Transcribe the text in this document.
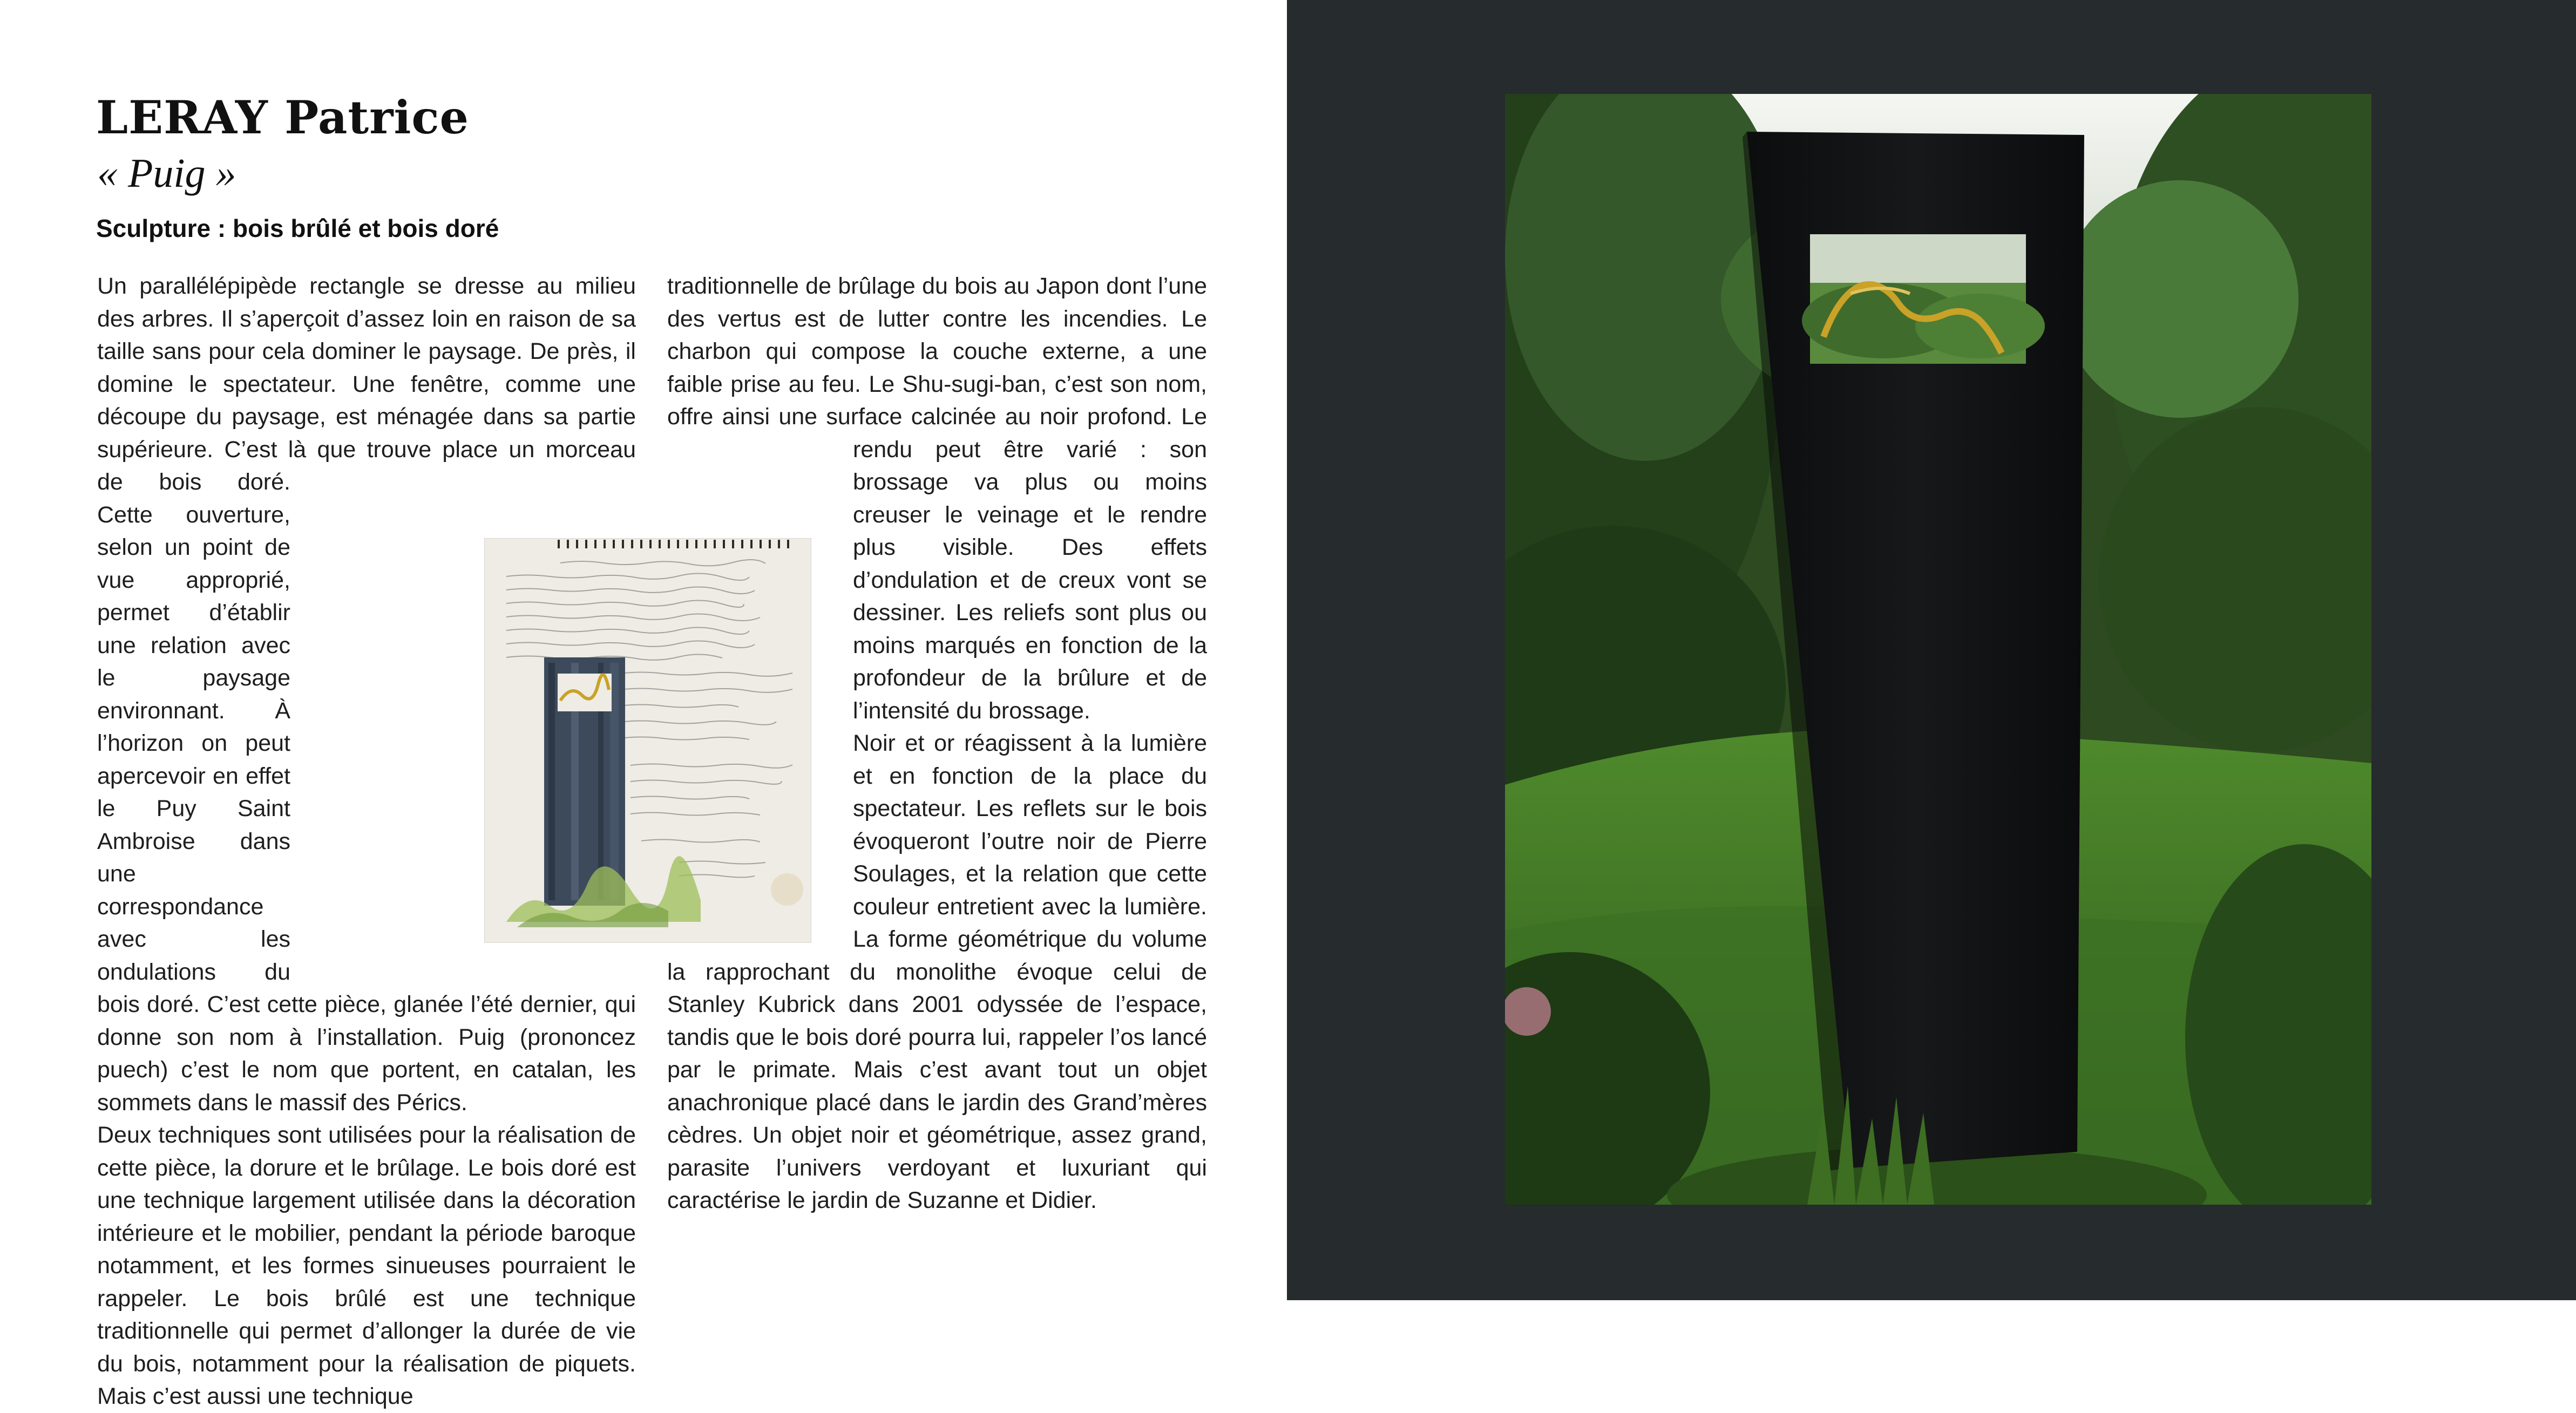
LERAY Patrice
« Puig »
Sculpture : bois brûlé et bois doré

Un parallélépipède rectangle se dresse au milieu des arbres. Il s’aperçoit d’assez loin en raison de sa taille sans pour cela dominer le paysage. De près, il domine le spectateur. Une fenêtre, comme une découpe du paysage, est ménagée dans sa partie supérieure. C’est là que trouve place un morceau de bois doré. Cette ouverture, selon un point de vue approprié, permet d’établir une relation avec le paysage environnant. À l’horizon on peut apercevoir en effet le Puy Saint Ambroise dans une correspondance avec les ondulations du bois doré. C’est cette pièce, glanée l’été dernier, qui donne son nom à l’installation. Puig (prononcez puech) c’est le nom que portent, en catalan, les sommets dans le massif des Pérics.

Deux techniques sont utilisées pour la réalisation de cette pièce, la dorure et le brûlage. Le bois doré est une technique largement utilisée dans la décoration intérieure et le mobilier, pendant la période baroque notamment, et les formes sinueuses pourraient le rappeler. Le bois brûlé est une technique traditionnelle qui permet d’allonger la durée de vie du bois, notamment pour la réalisation de piquets. Mais c’est aussi une technique

traditionnelle de brûlage du bois au Japon dont l’une des vertus est de lutter contre les incendies. Le charbon qui compose la couche externe, a une faible prise au feu. Le Shu-sugi-ban, c’est son nom, offre ainsi une surface calcinée au noir profond. Le rendu peut être varié : son brossage va plus ou moins creuser le veinage et le rendre plus visible. Des effets d’ondulation et de creux vont se dessiner. Les reliefs sont plus ou moins marqués en fonction de la profondeur de la brûlure et de l’intensité du brossage.

Noir et or réagissent à la lumière et en fonction de la place du spectateur. Les reflets sur le bois évoqueront l’outre noir de Pierre Soulages, et la relation que cette couleur entretient avec la lumière. La forme géométrique du volume la rapprochant du monolithe évoque celui de Stanley Kubrick dans 2001 odyssée de l’espace, tandis que le bois doré pourra lui, rappeler l’os lancé par le primate. Mais c’est avant tout un objet anachronique placé dans le jardin des Grand’mères cèdres. Un objet noir et géométrique, assez grand, parasite l’univers verdoyant et luxuriant qui caractérise le jardin de Suzanne et Didier.
